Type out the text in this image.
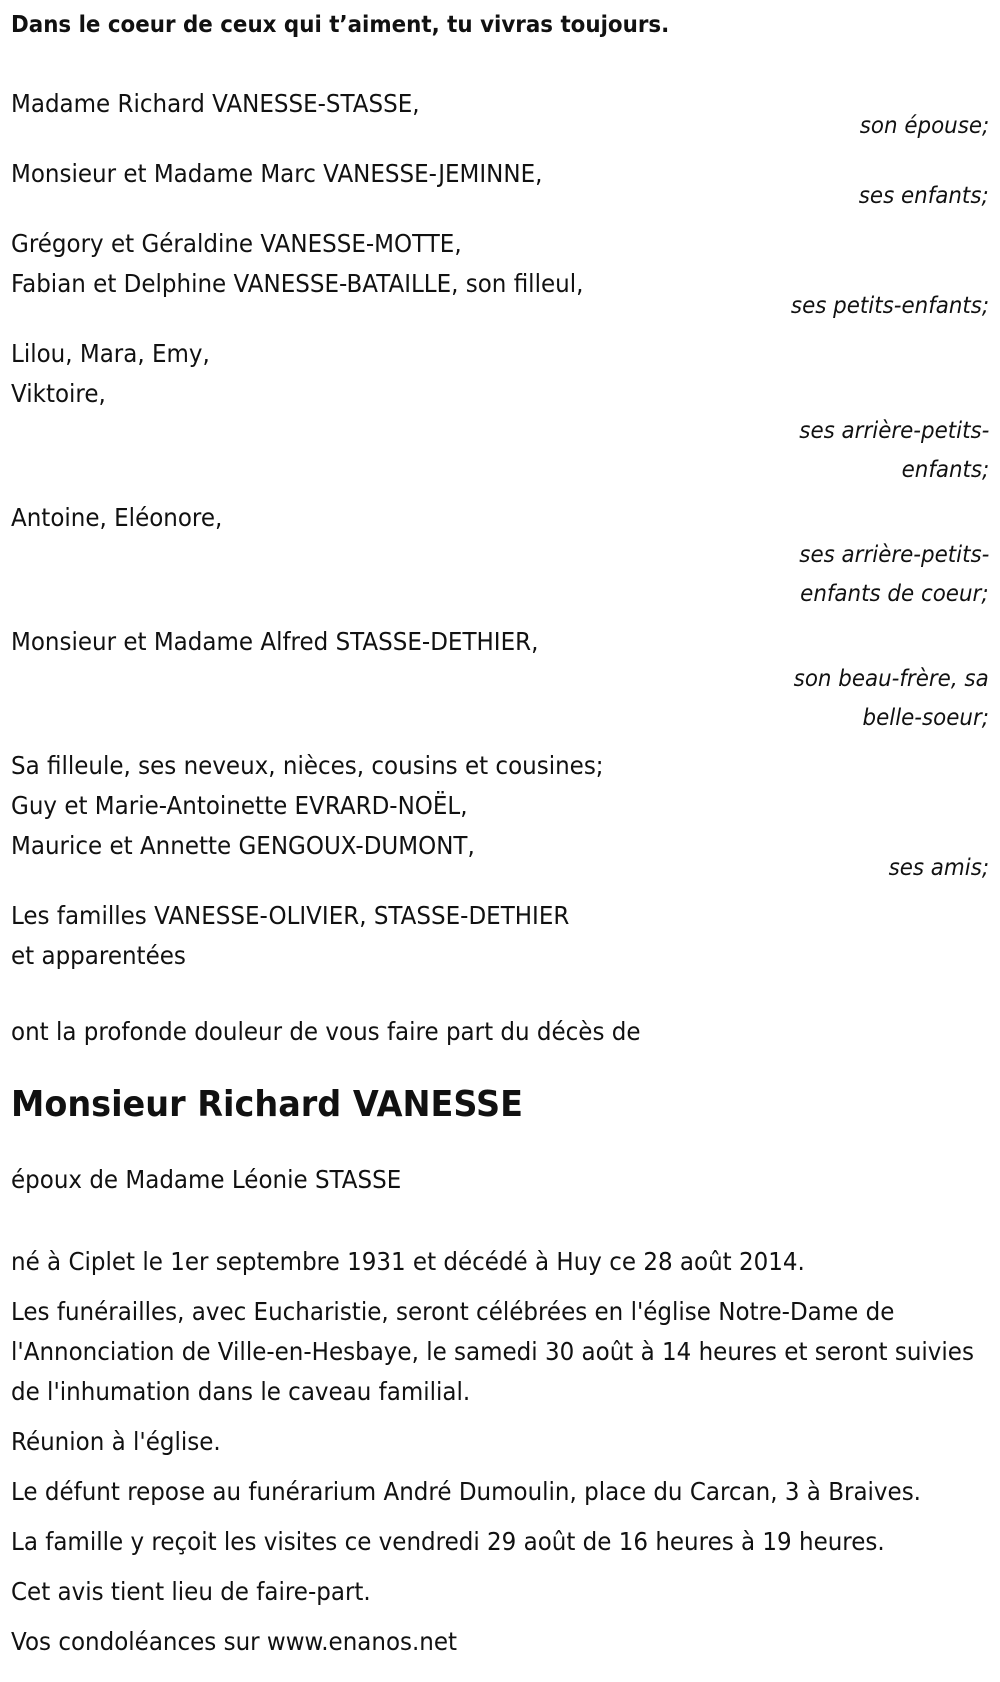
Dans le coeur de ceux qui t’aiment, tu vivras toujours.
Madame Richard VANESSE-STASSE,
son épouse;
Monsieur et Madame Marc VANESSE-JEMINNE,
ses enfants;
Grégory et Géraldine VANESSE-MOTTE,
Fabian et Delphine VANESSE-BATAILLE, son filleul,
ses petits-enfants;
Lilou, Mara, Emy,
Viktoire,
ses arrière-petits-
enfants;
Antoine, Eléonore,
ses arrière-petits-
enfants de coeur;
Monsieur et Madame Alfred STASSE-DETHIER,
son beau-frère, sa
belle-soeur;
Sa filleule, ses neveux, nièces, cousins et cousines;
Guy et Marie-Antoinette EVRARD-NOËL,
Maurice et Annette GENGOUX-DUMONT,
ses amis;
Les familles VANESSE-OLIVIER, STASSE-DETHIER
et apparentées
ont la profonde douleur de vous faire part du décès de
Monsieur Richard VANESSE
époux de Madame Léonie STASSE
né à Ciplet le 1er septembre 1931 et décédé à Huy ce 28 août 2014.
Les funérailles, avec Eucharistie, seront célébrées en l'église Notre-Dame de l'Annonciation de Ville-en-Hesbaye, le samedi 30 août à 14 heures et seront suivies de l'inhumation dans le caveau familial.
Réunion à l'église.
Le défunt repose au funérarium André Dumoulin, place du Carcan, 3 à Braives.
La famille y reçoit les visites ce vendredi 29 août de 16 heures à 19 heures.
Cet avis tient lieu de faire-part.
Vos condoléances sur www.enanos.net
